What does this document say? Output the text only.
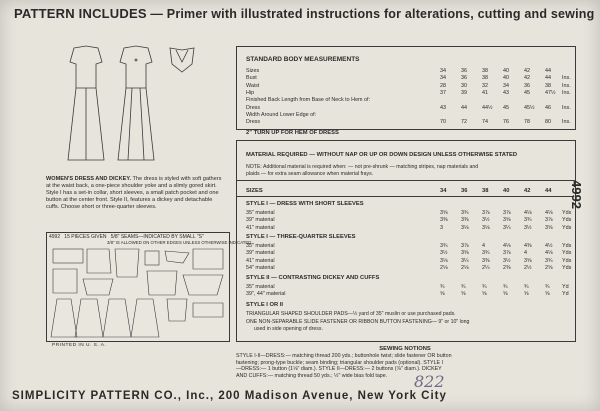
PATTERN INCLUDES — Primer with illustrated instructions for alterations, cutting and sewing
WOMEN'S DRESS AND DICKEY. The dress is styled with soft gathers at the waist back, a one-piece shoulder yoke and a slimly gored skirt. Style I has a set-in collar, short sleeves, a small patch pocket and one button at the center front. Style II, features a dickey and detachable cuffs. Choose short or three-quarter sleeves.
4992 15 PIECES GIVEN 5/8" SEAMS—INDICATED BY SMALL "S"
3/8" IS ALLOWED ON OTHER EDGES UNLESS OTHERWISE INDICATED.
PRINTED IN U. S. A.
STANDARD BODY MEASUREMENTS
Sizes	34	36	38	40	42	44
Bust	34	36	38	40	42	44 Ins.
Waist	28	30	32	34	36	38 Ins.
Hip	37	39	41	43	45	47½ Ins.
Finished Back Length from Base of Neck to Hem of:
Dress	43	44	44½ 45	45½ 46 Ins.
Width Around Lower Edge of:
Dress	70	72	74	76	78	80 Ins.
2" TURN UP FOR HEM OF DRESS
MATERIAL REQUIRED — WITHOUT NAP OR UP OR DOWN DESIGN UNLESS OTHERWISE STATED
NOTE: Additional material is required when: — not pre-shrunk — matching stripes, nap materials and
plaids — for extra seam allowance when material frays.
SIZES	34	36	38	40	42	44
STYLE I — DRESS WITH SHORT SLEEVES
35" material	3⅝	3¾	3⅞	3⅞	4⅛	4⅛ Yds
39" material	3⅜	3⅜	3½	3⅝	3¾	3⅞ Yds
41" material	3	3⅛	3⅛	3¼	3½	3⅝ Yds
STYLE I — THREE-QUARTER SLEEVES
35" material	3¾	3⅞	4	4⅛	4⅜	4½ Yds
39" material	3½	3⅝	3¾	3⅞	4	4⅛ Yds
41" material	3⅛	3¼	3⅜	3½	3⅝	3¾ Yds
54" material	2⅛	2⅛	2¼	2⅜	2½	2⅝ Yds
STYLE II — CONTRASTING DICKEY AND CUFFS
35" material	¾	¾	¾	¾	¾	¾ Yd
39", 44" material	⅝	⅝	⅝	⅝	⅝	⅝ Yd
STYLE I OR II
TRIANGULAR SHAPED SHOULDER PADS—½ yard of 35" muslin or use purchased pads.
ONE NON-SEPARABLE SLIDE FASTENER OR RIBBON BUTTON FASTENING— 9" or 10" long
used in side opening of dress.
SEWING NOTIONS
STYLE I-II—DRESS:— matching thread 200 yds.; buttonhole twist; slide fastener OR button
fastening; prong-type buckle; seam binding; triangular shoulder pads (optional). STYLE I
—DRESS:— 1 button (1⅛" diam.). STYLE II—DRESS:— 2 buttons (⅞" diam.). DICKEY
AND CUFFS:— matching thread 50 yds.; ½" wide bias fold tape.
4992
822
SIMPLICITY PATTERN CO., Inc., 200 Madison Avenue, New York City
